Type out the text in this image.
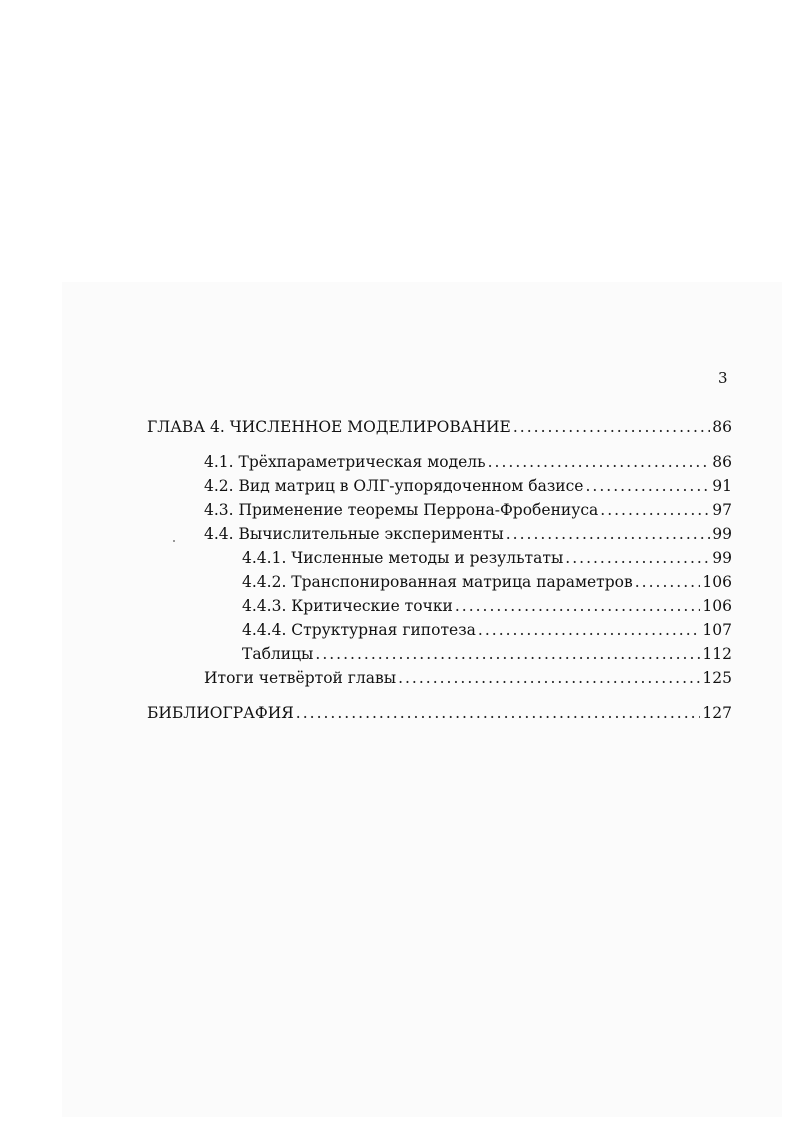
3
ГЛАВА 4. ЧИСЛЕННОЕ МОДЕЛИРОВАНИЕ .....	86
4.1. Трёхпараметрическая модель .....	86
4.2. Вид матриц в ОЛГ-упорядоченном базисе .....	91
4.3. Применение теоремы Перрона-Фробениуса .....	97
4.4. Вычислительные эксперименты .....	99
4.4.1. Численные методы и результаты .....	99
4.4.2. Транспонированная матрица параметров .....	106
4.4.3. Критические точки .....	106
4.4.4. Структурная гипотеза .....	107
Таблицы .....	112
Итоги четвёртой главы .....	125
БИБЛИОГРАФИЯ .....	127
